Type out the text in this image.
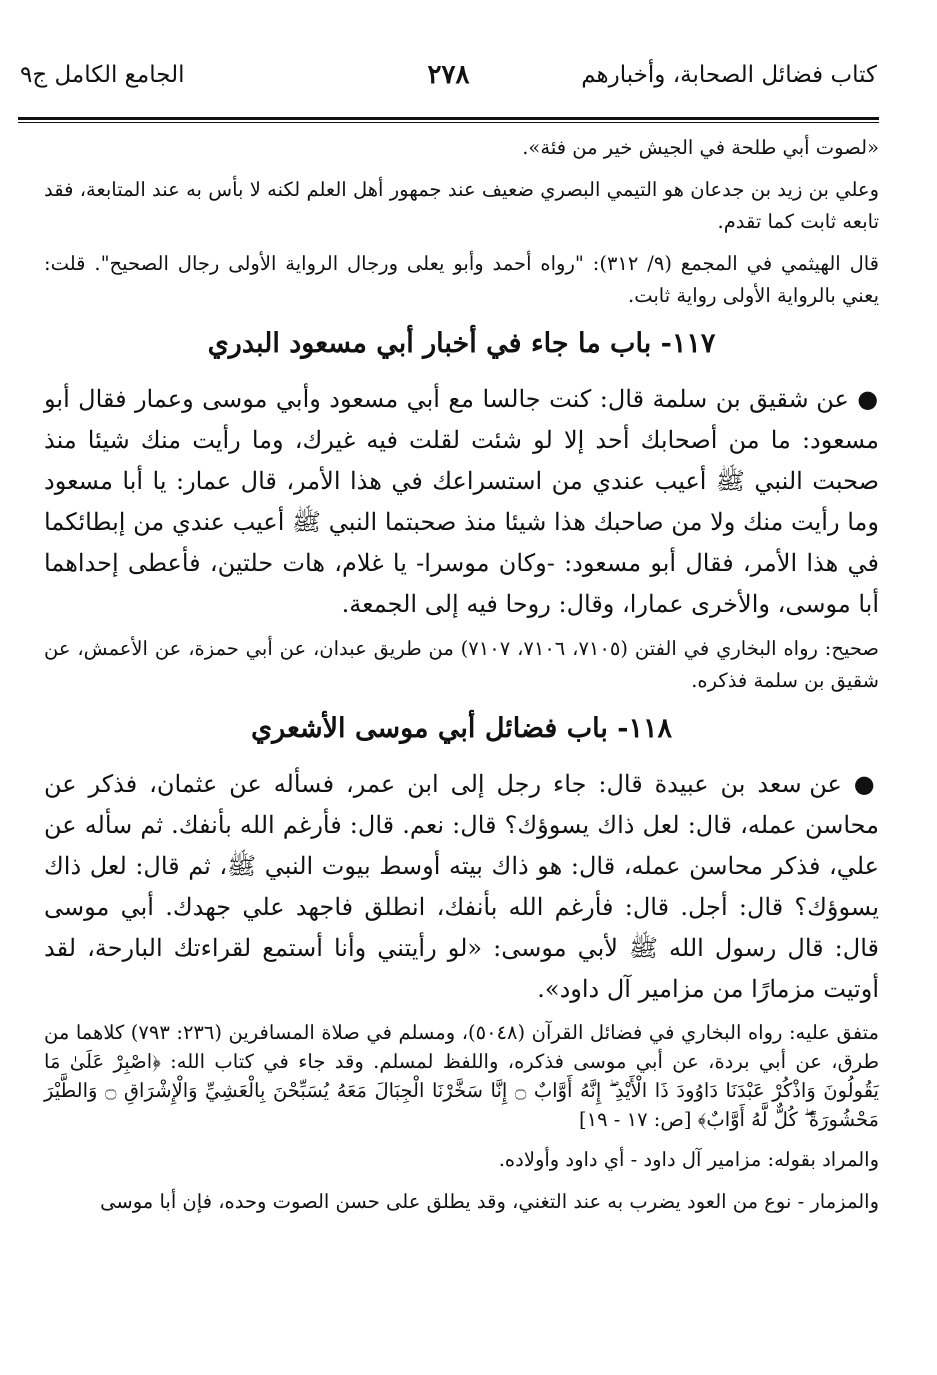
كتاب فضائل الصحابة، وأخبارهم
٢٧٨
الجامع الكامل ج٩

«لصوت أبي طلحة في الجيش خير من فئة».

وعلي بن زيد بن جدعان هو التيمي البصري ضعيف عند جمهور أهل العلم لكنه لا بأس به عند المتابعة، فقد تابعه ثابت كما تقدم.

قال الهيثمي في المجمع (٩/ ٣١٢): "رواه أحمد وأبو يعلى ورجال الرواية الأولى رجال الصحيح". قلت: يعني بالرواية الأولى رواية ثابت.

١١٧- باب ما جاء في أخبار أبي مسعود البدري

● عن شقيق بن سلمة قال: كنت جالسا مع أبي مسعود وأبي موسى وعمار فقال أبو مسعود: ما من أصحابك أحد إلا لو شئت لقلت فيه غيرك، وما رأيت منك شيئا منذ صحبت النبي ﷺ أعيب عندي من استسراعك في هذا الأمر، قال عمار: يا أبا مسعود وما رأيت منك ولا من صاحبك هذا شيئا منذ صحبتما النبي ﷺ أعيب عندي من إبطائكما في هذا الأمر، فقال أبو مسعود: -وكان موسرا- يا غلام، هات حلتين، فأعطى إحداهما أبا موسى، والأخرى عمارا، وقال: روحا فيه إلى الجمعة.

صحيح: رواه البخاري في الفتن (٧١٠٥، ٧١٠٦، ٧١٠٧) من طريق عبدان، عن أبي حمزة، عن الأعمش، عن شقيق بن سلمة فذكره.

١١٨- باب فضائل أبي موسى الأشعري

● عن سعد بن عبيدة قال: جاء رجل إلى ابن عمر، فسأله عن عثمان، فذكر عن محاسن عمله، قال: لعل ذاك يسوؤك؟ قال: نعم. قال: فأرغم الله بأنفك. ثم سأله عن علي، فذكر محاسن عمله، قال: هو ذاك بيته أوسط بيوت النبي ﷺ، ثم قال: لعل ذاك يسوؤك؟ قال: أجل. قال: فأرغم الله بأنفك، انطلق فاجهد علي جهدك. أبي موسى قال: قال رسول الله ﷺ لأبي موسى: «لو رأيتني وأنا أستمع لقراءتك البارحة، لقد أوتيت مزمارًا من مزامير آل داود».

متفق عليه: رواه البخاري في فضائل القرآن (٥٠٤٨)، ومسلم في صلاة المسافرين (٢٣٦: ٧٩٣) كلاهما من طرق، عن أبي بردة، عن أبي موسى فذكره، واللفظ لمسلم. وقد جاء في كتاب الله: ﴿اصْبِرْ عَلَىٰ مَا يَقُولُونَ وَاذْكُرْ عَبْدَنَا دَاوُودَ ذَا الْأَيْدِ ۖ إِنَّهُ أَوَّابٌ ۝ إِنَّا سَخَّرْنَا الْجِبَالَ مَعَهُ يُسَبِّحْنَ بِالْعَشِيِّ وَالْإِشْرَاقِ ۝ وَالطَّيْرَ مَحْشُورَةً ۖ كُلٌّ لَّهُ أَوَّابٌ﴾ [ص: ١٧ - ١٩]

والمراد بقوله: مزامير آل داود - أي داود وأولاده.

والمزمار - نوع من العود يضرب به عند التغني، وقد يطلق على حسن الصوت وحده، فإن أبا موسى
